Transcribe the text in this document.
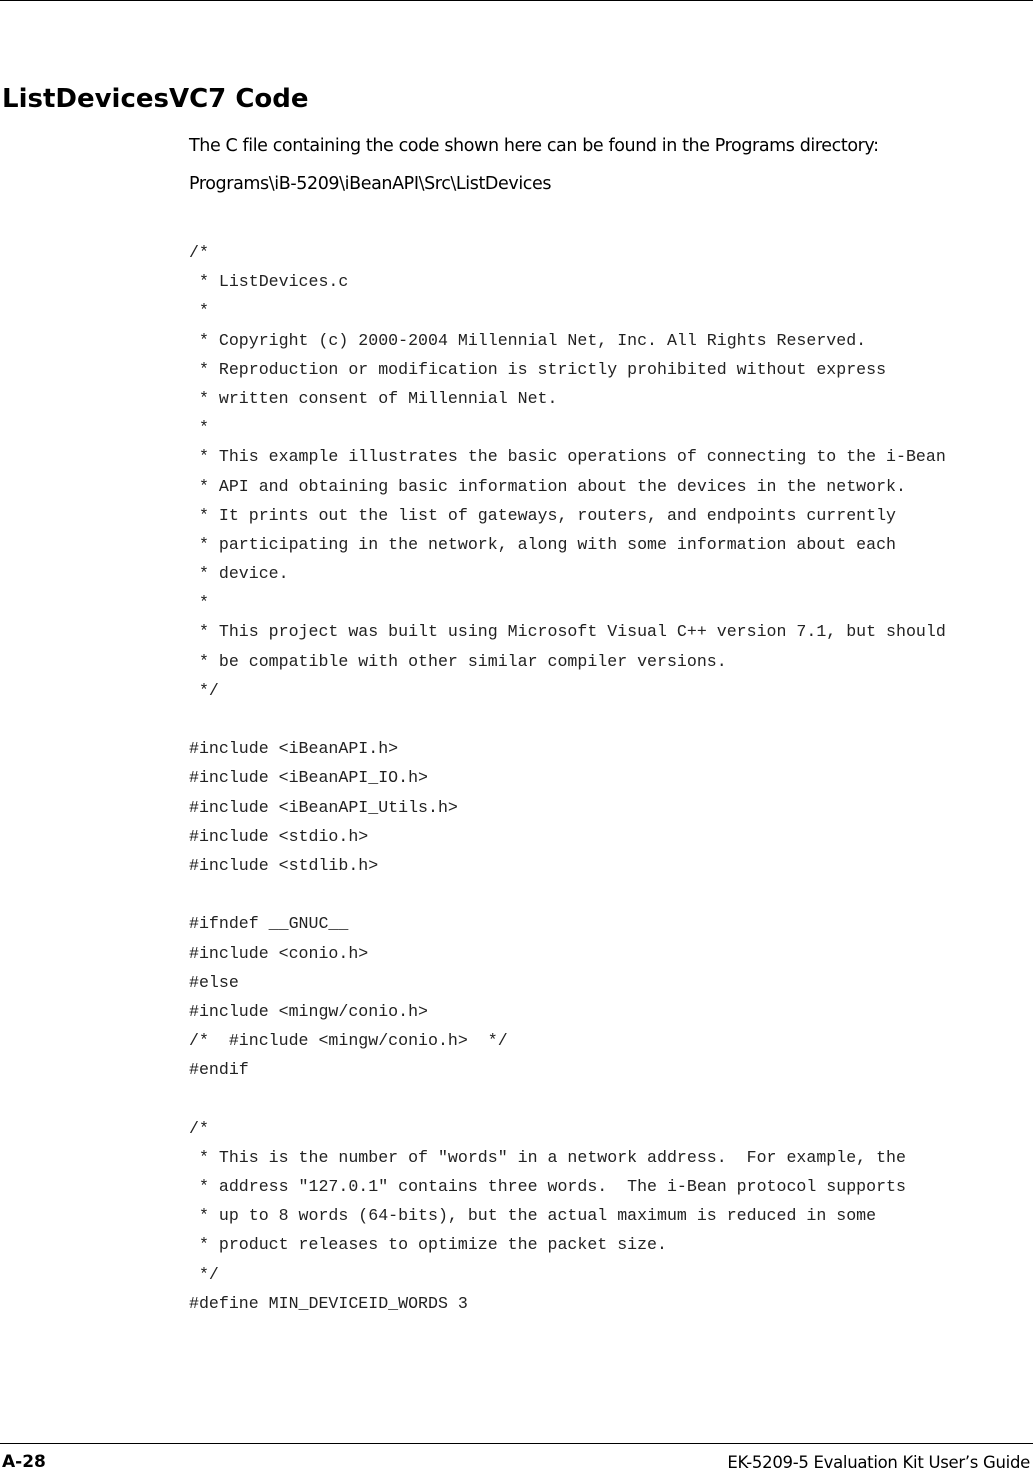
ListDevicesVC7 Code

The C file containing the code shown here can be found in the Programs directory:

Programs\iB-5209\iBeanAPI\Src\ListDevices

/*
* ListDevices.c
*
* Copyright (c) 2000-2004 Millennial Net, Inc. All Rights Reserved.
* Reproduction or modification is strictly prohibited without express
* written consent of Millennial Net.
*
* This example illustrates the basic operations of connecting to the i-Bean
* API and obtaining basic information about the devices in the network.
* It prints out the list of gateways, routers, and endpoints currently
* participating in the network, along with some information about each
* device.
*
* This project was built using Microsoft Visual C++ version 7.1, but should
* be compatible with other similar compiler versions.
*/
#include <iBeanAPI.h>
#include <iBeanAPI_IO.h>
#include <iBeanAPI_Utils.h>
#include <stdio.h>
#include <stdlib.h>
#ifndef __GNUC__
#include <conio.h>
#else
#include <mingw/conio.h>
/*  #include <mingw/conio.h>  */
#endif
/*
* This is the number of "words" in a network address.  For example, the
* address "127.0.1" contains three words.  The i-Bean protocol supports
* up to 8 words (64-bits), but the actual maximum is reduced in some
* product releases to optimize the packet size.
*/
#define MIN_DEVICEID_WORDS 3
A-28	EK-5209-5 Evaluation Kit User’s Guide
